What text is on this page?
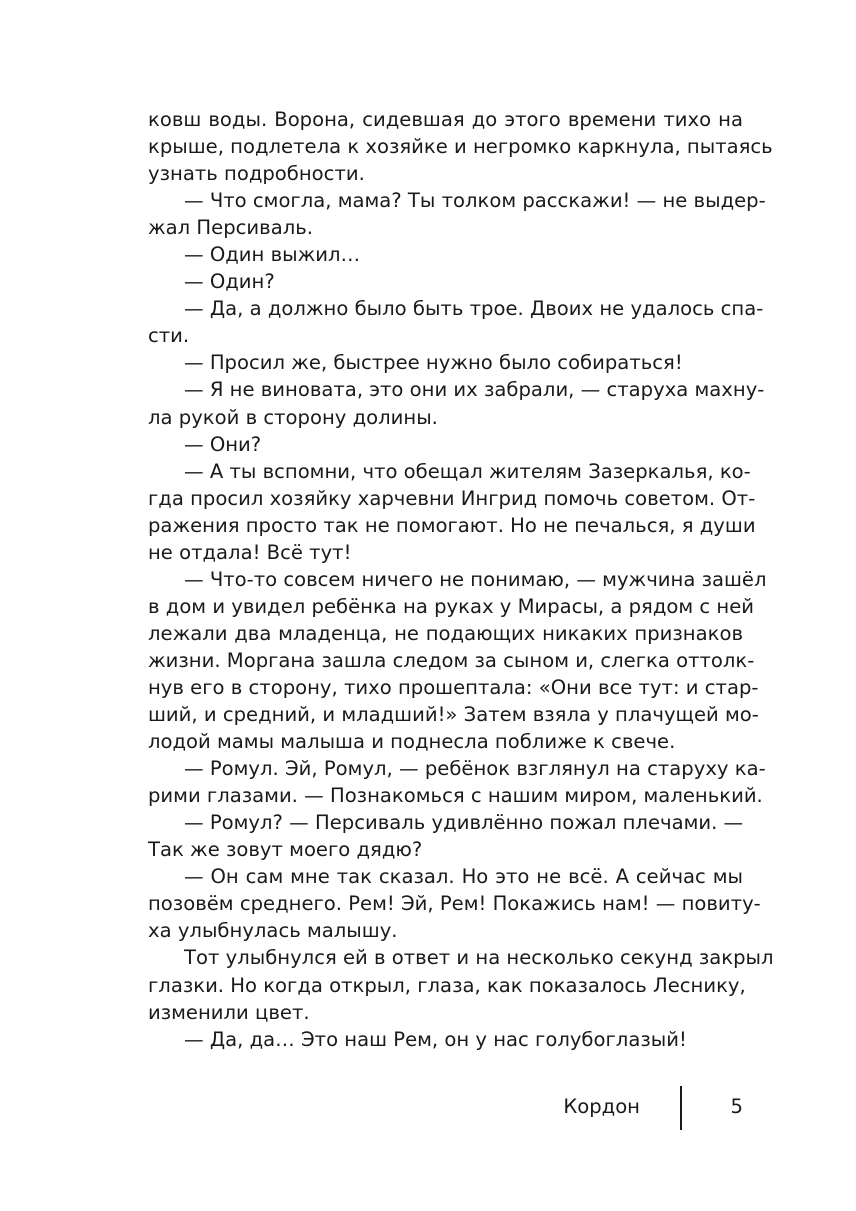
ковш воды. Ворона, сидевшая до этого времени тихо на
крыше, подлетела к хозяйке и негромко каркнула, пытаясь
узнать подробности.
— Что смогла, мама? Ты толком расскажи! — не выдер-
жал Персиваль.
— Один выжил…
— Один?
— Да, а должно было быть трое. Двоих не удалось спа-
сти.
— Просил же, быстрее нужно было собираться!
— Я не виновата, это они их забрали, — старуха махну-
ла рукой в сторону долины.
— Они?
— А ты вспомни, что обещал жителям Зазеркалья, ко-
гда просил хозяйку харчевни Ингрид помочь советом. От-
ражения просто так не помогают. Но не печалься, я души
не отдала! Всё тут!
— Что-то совсем ничего не понимаю, — мужчина зашёл
в дом и увидел ребёнка на руках у Мирасы, а рядом с ней
лежали два младенца, не подающих никаких признаков
жизни. Моргана зашла следом за сыном и, слегка оттолк-
нув его в сторону, тихо прошептала: «Они все тут: и стар-
ший, и средний, и младший!» Затем взяла у плачущей мо-
лодой мамы малыша и поднесла поближе к свече.
— Ромул. Эй, Ромул, — ребёнок взглянул на старуху ка-
рими глазами. — Познакомься с нашим миром, маленький.
— Ромул? — Персиваль удивлённо пожал плечами. —
Так же зовут моего дядю?
— Он сам мне так сказал. Но это не всё. А сейчас мы
позовём среднего. Рем! Эй, Рем! Покажись нам! — повиту-
ха улыбнулась малышу.
Тот улыбнулся ей в ответ и на несколько секунд закрыл
глазки. Но когда открыл, глаза, как показалось Леснику,
изменили цвет.
— Да, да… Это наш Рем, он у нас голубоглазый!
Кордон	5
